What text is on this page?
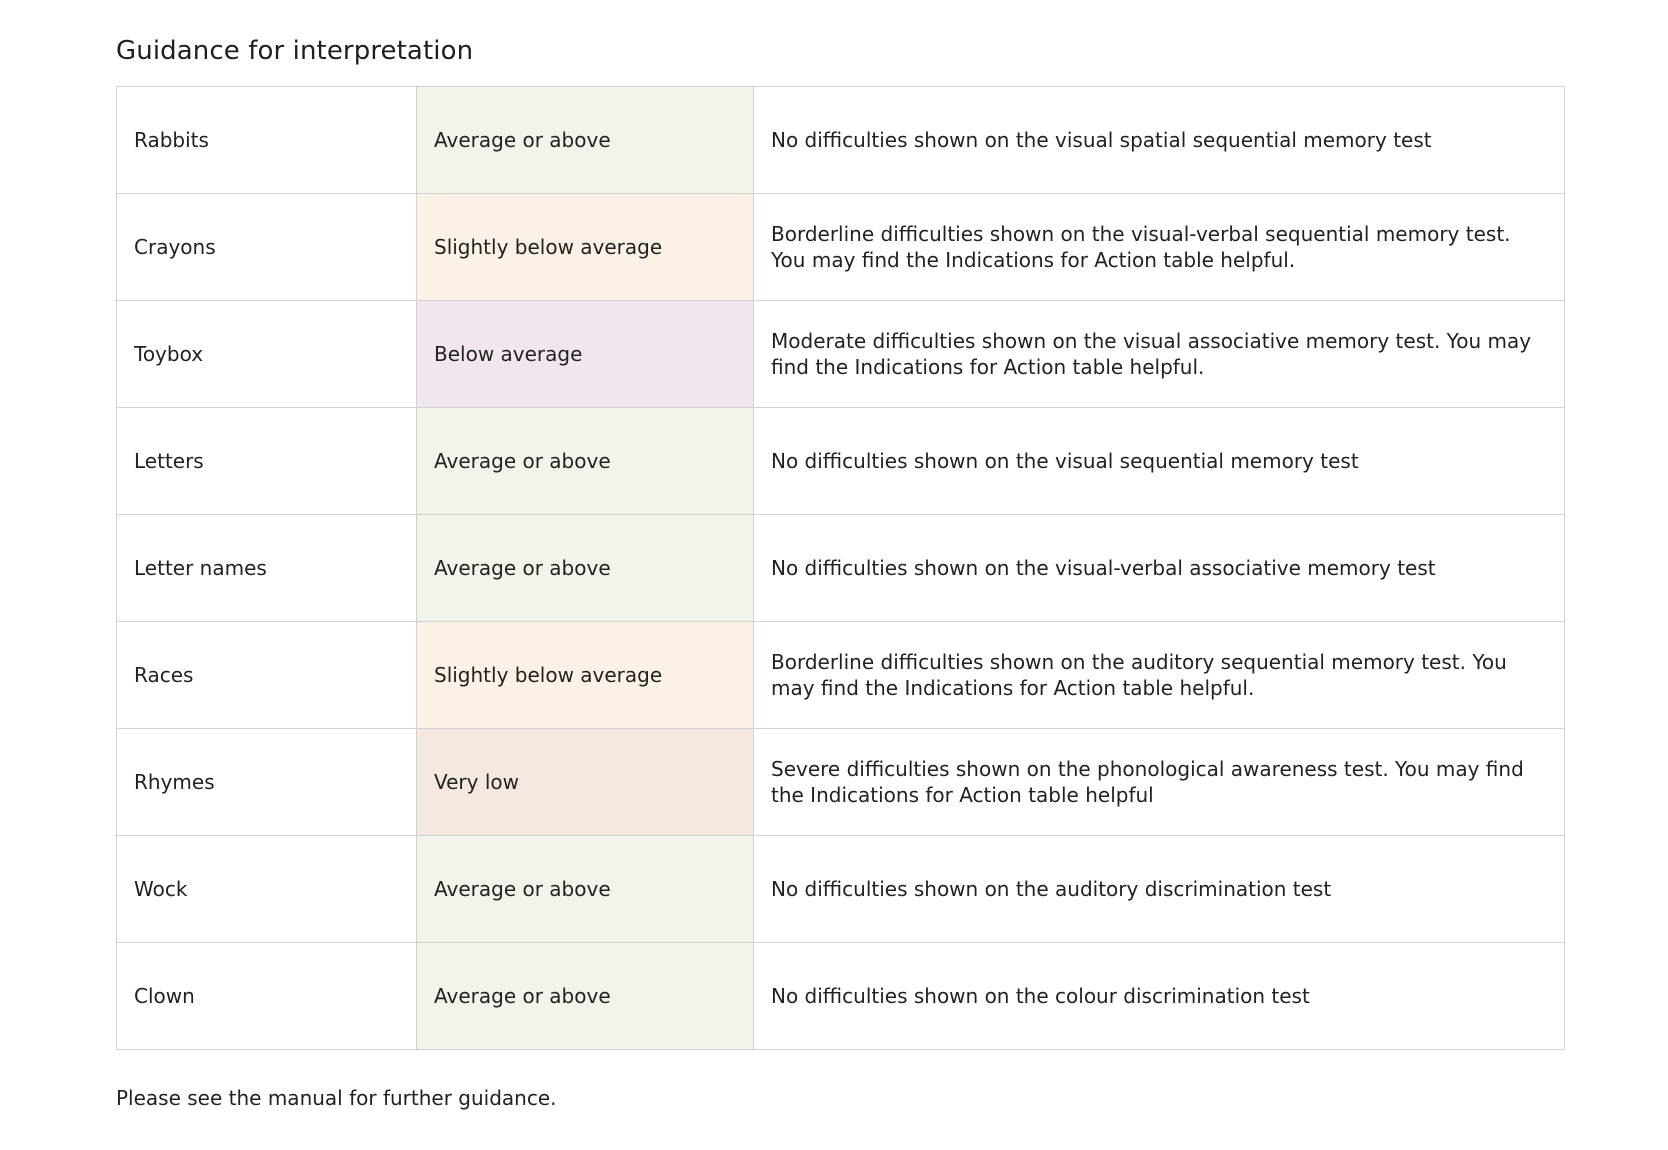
Guidance for interpretation
Rabbits	Average or above	No difficulties shown on the visual spatial sequential memory test
Crayons	Slightly below average	Borderline difficulties shown on the visual-verbal sequential memory test.
You may find the Indications for Action table helpful.
Toybox	Below average	Moderate difficulties shown on the visual associative memory test. You may find the Indications for Action table helpful.
Letters	Average or above	No difficulties shown on the visual sequential memory test
Letter names	Average or above	No difficulties shown on the visual-verbal associative memory test
Races	Slightly below average	Borderline difficulties shown on the auditory sequential memory test. You may find the Indications for Action table helpful.
Rhymes	Very low	Severe difficulties shown on the phonological awareness test. You may find the Indications for Action table helpful
Wock	Average or above	No difficulties shown on the auditory discrimination test
Clown	Average or above	No difficulties shown on the colour discrimination test

Please see the manual for further guidance.
